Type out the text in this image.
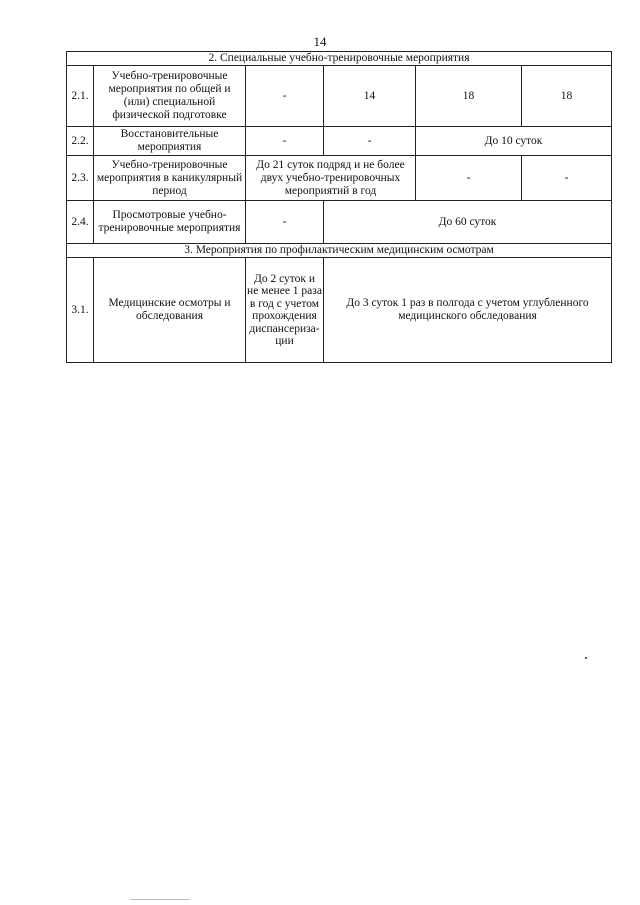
14
2. Специальные учебно-тренировочные мероприятия					
2.1.	Учебно-тренировочные мероприятия по общей и (или) специальной физической подготовке	-	14	18	18
2.2.	Восстановительные мероприятия	-	-	До 10 суток	
2.3.	Учебно-тренировочные мероприятия в каникулярный период	До 21 суток подряд и не более двух учебно-тренировочных мероприятий в год		-	-
2.4.	Просмотровые учебно-тренировочные мероприятия	-	До 60 суток		
3. Мероприятия по профилактическим медицинским осмотрам					
3.1.	Медицинские осмотры и обследования	До 2 суток и не менее 1 раза в год с учетом прохождения диспансериза-ции	До 3 суток 1 раз в полгода с учетом углубленного медицинского обследования		
